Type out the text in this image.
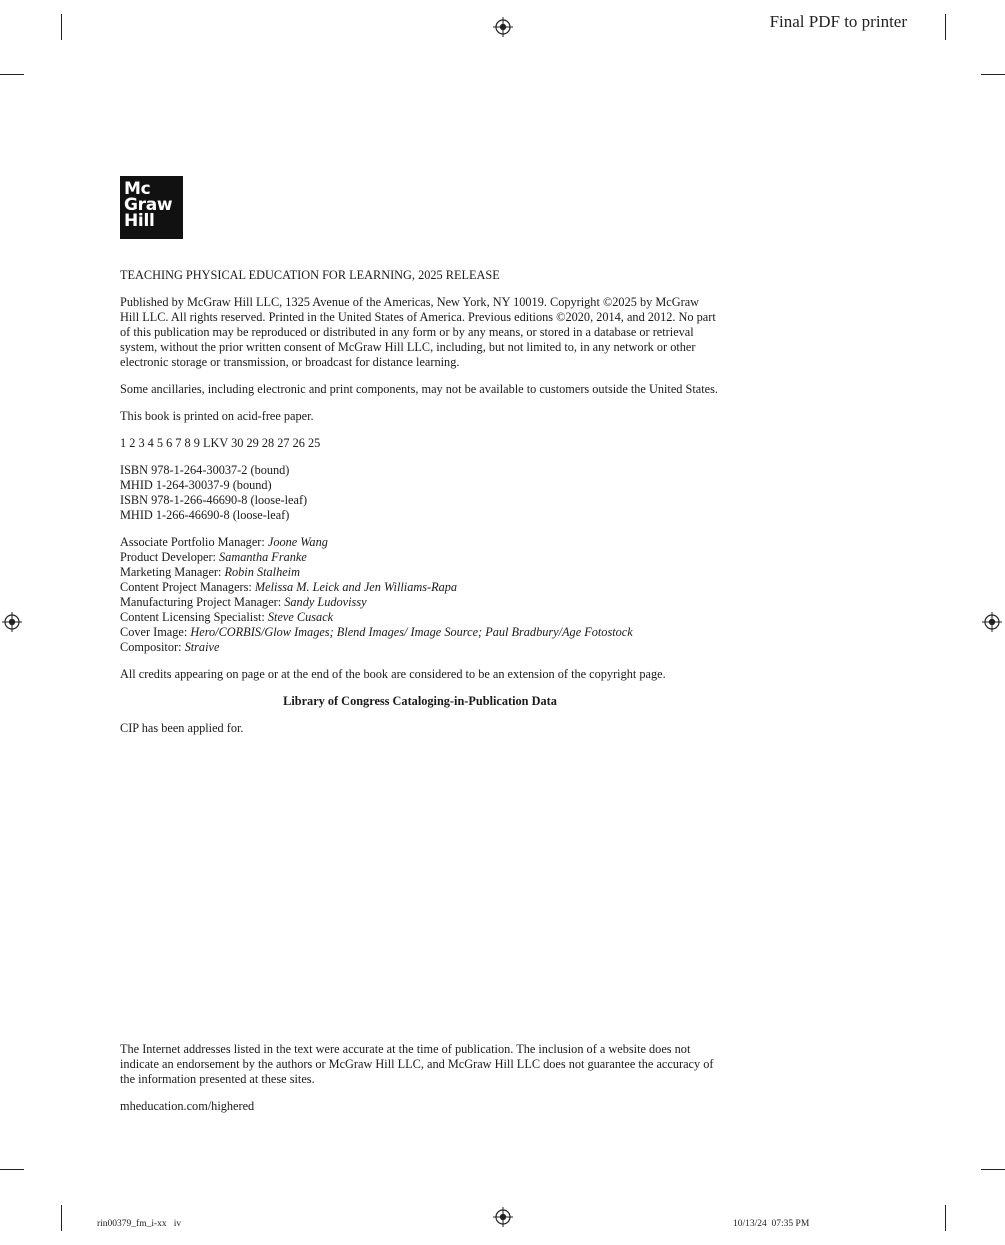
Final PDF to printer
Mc
Graw
Hill

TEACHING PHYSICAL EDUCATION FOR LEARNING, 2025 RELEASE

Published by McGraw Hill LLC, 1325 Avenue of the Americas, New York, NY 10019. Copyright ©2025 by McGraw Hill LLC. All rights reserved. Printed in the United States of America. Previous editions ©2020, 2014, and 2012. No part of this publication may be reproduced or distributed in any form or by any means, or stored in a database or retrieval system, without the prior written consent of McGraw Hill LLC, including, but not limited to, in any network or other electronic storage or transmission, or broadcast for distance learning.

Some ancillaries, including electronic and print components, may not be available to customers outside the United States.

This book is printed on acid-free paper.

1 2 3 4 5 6 7 8 9 LKV 30 29 28 27 26 25

ISBN 978-1-264-30037-2 (bound)
MHID 1-264-30037-9 (bound)
ISBN 978-1-266-46690-8 (loose-leaf)
MHID 1-266-46690-8 (loose-leaf)

Associate Portfolio Manager: Joone Wang
Product Developer: Samantha Franke
Marketing Manager: Robin Stalheim
Content Project Managers: Melissa M. Leick and Jen Williams-Rapa
Manufacturing Project Manager: Sandy Ludovissy
Content Licensing Specialist: Steve Cusack
Cover Image: Hero/CORBIS/Glow Images; Blend Images/ Image Source; Paul Bradbury/Age Fotostock
Compositor: Straive

All credits appearing on page or at the end of the book are considered to be an extension of the copyright page.

Library of Congress Cataloging-in-Publication Data

CIP has been applied for.

The Internet addresses listed in the text were accurate at the time of publication. The inclusion of a website does not indicate an endorsement by the authors or McGraw Hill LLC, and McGraw Hill LLC does not guarantee the accuracy of the information presented at these sites.

mheducation.com/highered

rin00379_fm_i-xx iv	10/13/24  07:35 PM
